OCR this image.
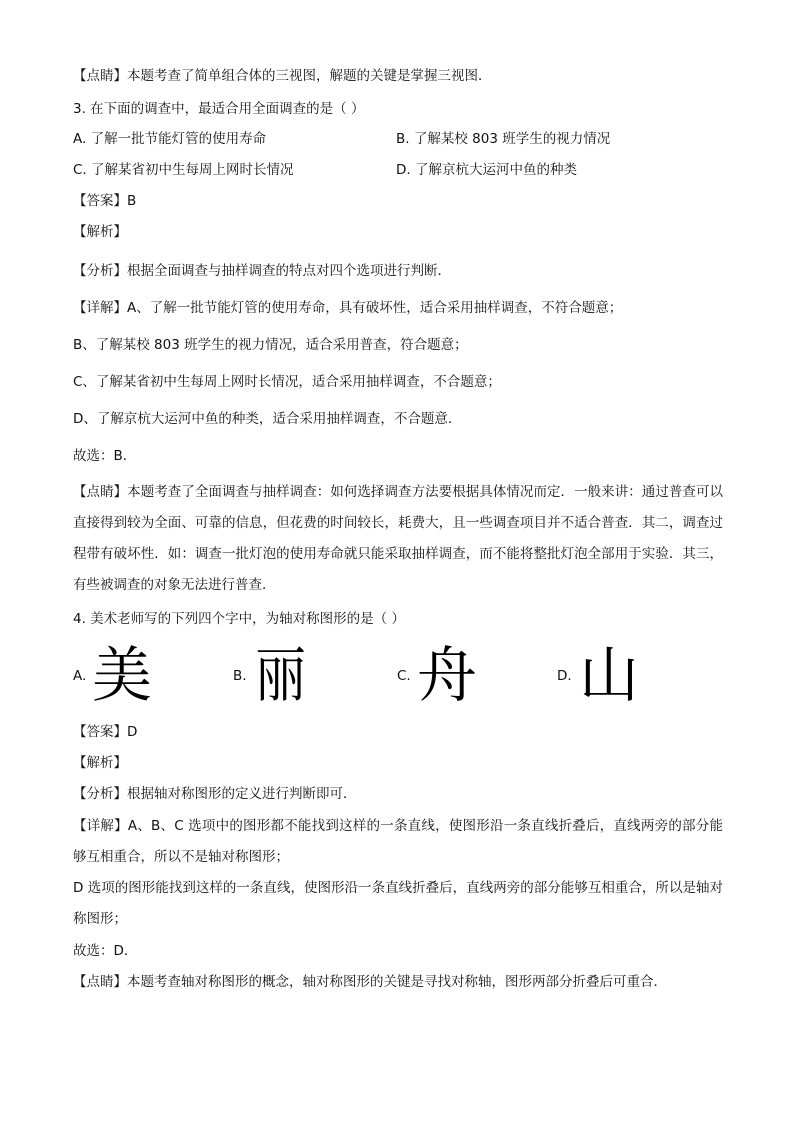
【点睛】本题考查了简单组合体的三视图，解题的关键是掌握三视图．
3. 在下面的调查中，最适合用全面调查的是（ ）
A. 了解一批节能灯管的使用寿命	B. 了解某校 803 班学生的视力情况
C. 了解某省初中生每周上网时长情况	D. 了解京杭大运河中鱼的种类
【答案】B
【解析】
【分析】根据全面调查与抽样调查的特点对四个选项进行判断．
【详解】A、了解一批节能灯管的使用寿命，具有破坏性，适合采用抽样调查，不符合题意；
B、了解某校 803 班学生的视力情况，适合采用普查，符合题意；
C、了解某省初中生每周上网时长情况，适合采用抽样调查，不合题意；
D、了解京杭大运河中鱼的种类，适合采用抽样调查，不合题意．
故选：B．
【点睛】本题考查了全面调查与抽样调查：如何选择调查方法要根据具体情况而定．一般来讲：通过普查可以直接得到较为全面、可靠的信息，但花费的时间较长，耗费大，且一些调查项目并不适合普查．其二，调查过程带有破坏性．如：调查一批灯泡的使用寿命就只能采取抽样调查，而不能将整批灯泡全部用于实验．其三，有些被调查的对象无法进行普查．
4. 美术老师写的下列四个字中，为轴对称图形的是（ ）
A. 美	B. 丽	C. 舟	D. 山
【答案】D
【解析】
【分析】根据轴对称图形的定义进行判断即可．
【详解】A、B、C 选项中的图形都不能找到这样的一条直线，使图形沿一条直线折叠后，直线两旁的部分能够互相重合，所以不是轴对称图形；
D 选项的图形能找到这样的一条直线，使图形沿一条直线折叠后，直线两旁的部分能够互相重合，所以是轴对称图形；
故选：D．
【点睛】本题考查轴对称图形的概念，轴对称图形的关键是寻找对称轴，图形两部分折叠后可重合．
